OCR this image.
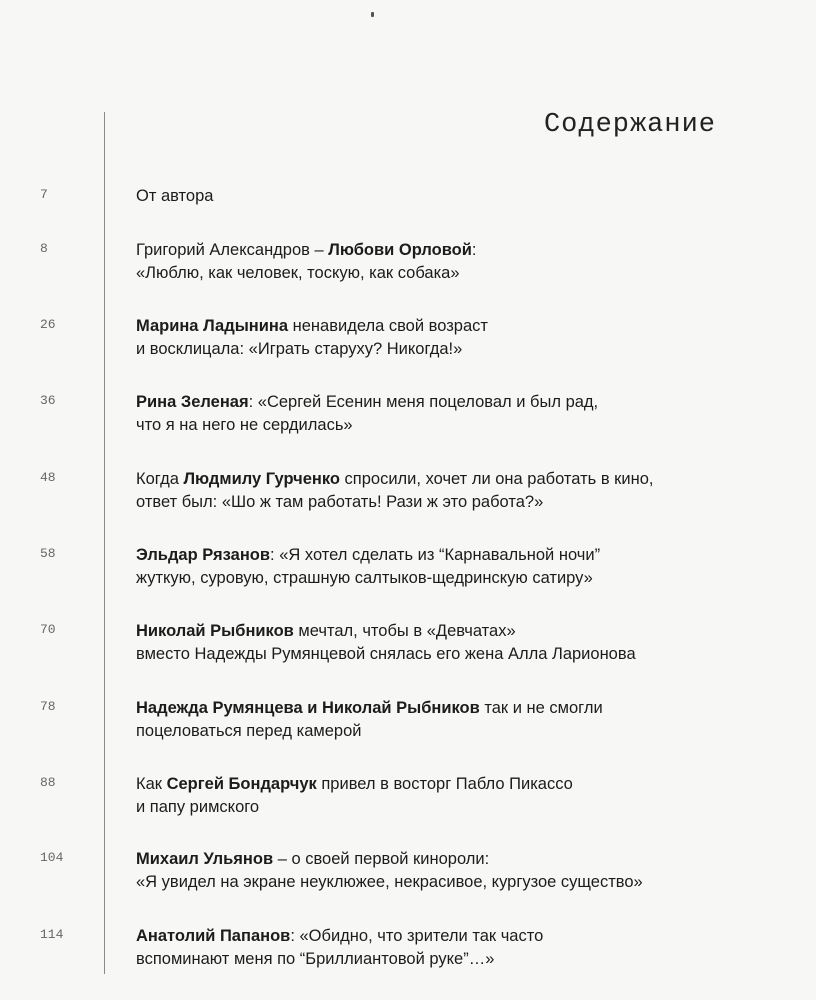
Содержание
7	От автора
8	Григорий Александров – Любови Орловой:
«Люблю, как человек, тоскую, как собака»
26	Марина Ладынина ненавидела свой возраст
и восклицала: «Играть старуху? Никогда!»
36	Рина Зеленая: «Сергей Есенин меня поцеловал и был рад,
что я на него не сердилась»
48	Когда Людмилу Гурченко спросили, хочет ли она работать в кино,
ответ был: «Шо ж там работать! Рази ж это работа?»
58	Эльдар Рязанов: «Я хотел сделать из “Карнавальной ночи”
жуткую, суровую, страшную салтыков-щедринскую сатиру»
70	Николай Рыбников мечтал, чтобы в «Девчатах»
вместо Надежды Румянцевой снялась его жена Алла Ларионова
78	Надежда Румянцева и Николай Рыбников так и не смогли
поцеловаться перед камерой
88	Как Сергей Бондарчук привел в восторг Пабло Пикассо
и папу римского
104	Михаил Ульянов – о своей первой кинороли:
«Я увидел на экране неуклюжее, некрасивое, кургузое существо»
114	Анатолий Папанов: «Обидно, что зрители так часто
вспоминают меня по “Бриллиантовой руке”…»
